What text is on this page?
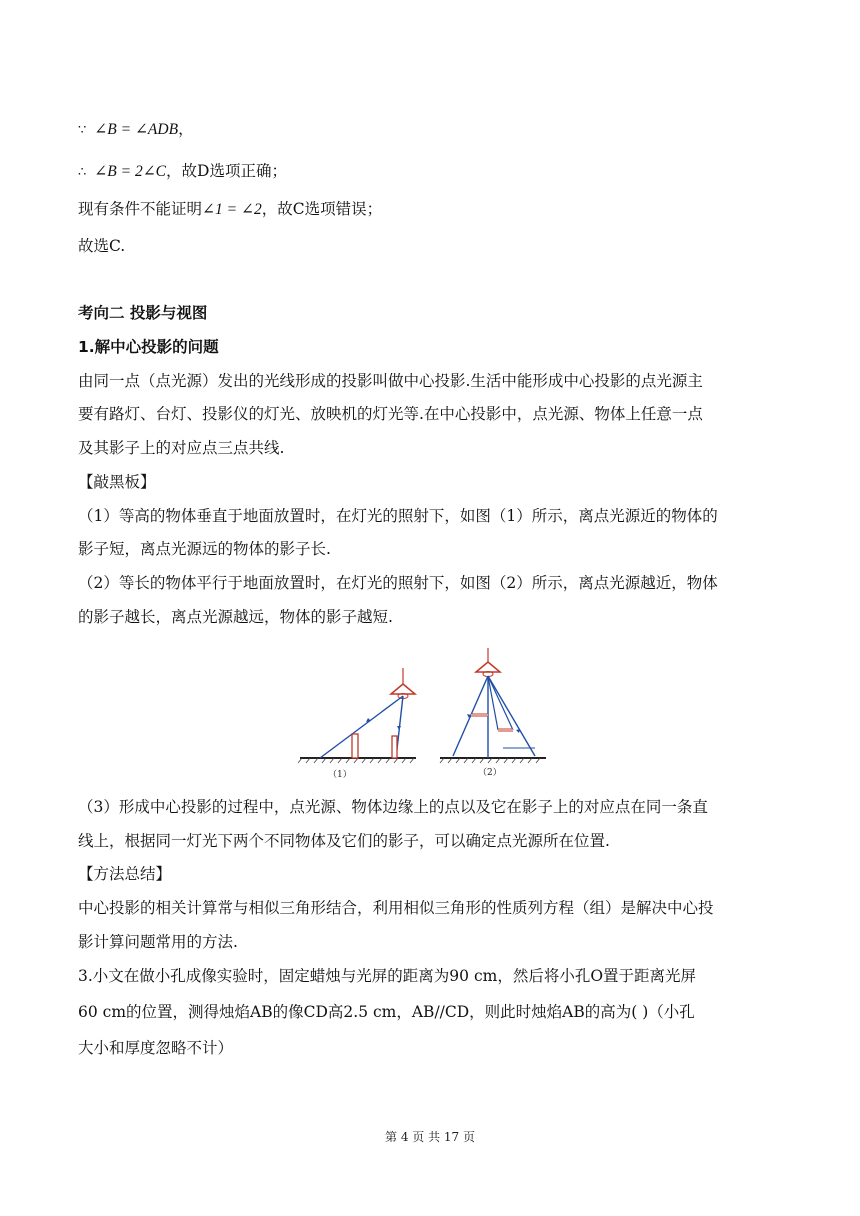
∵ ∠B = ∠ADB，
∴ ∠B = 2∠C，故D选项正确；
现有条件不能证明∠1 = ∠2，故C选项错误；
故选C.
考向二 投影与视图
1.解中心投影的问题
由同一点（点光源）发出的光线形成的投影叫做中心投影.生活中能形成中心投影的点光源主
要有路灯、台灯、投影仪的灯光、放映机的灯光等.在中心投影中，点光源、物体上任意一点
及其影子上的对应点三点共线.
【敲黑板】
（1）等高的物体垂直于地面放置时，在灯光的照射下，如图（1）所示，离点光源近的物体的
影子短，离点光源远的物体的影子长.
（2）等长的物体平行于地面放置时，在灯光的照射下，如图（2）所示，离点光源越近，物体
的影子越长，离点光源越远，物体的影子越短.
（1）	（2）
（3）形成中心投影的过程中，点光源、物体边缘上的点以及它在影子上的对应点在同一条直
线上，根据同一灯光下两个不同物体及它们的影子，可以确定点光源所在位置.
【方法总结】
中心投影的相关计算常与相似三角形结合，利用相似三角形的性质列方程（组）是解决中心投
影计算问题常用的方法.
3.小文在做小孔成像实验时，固定蜡烛与光屏的距离为90 cm，然后将小孔O置于距离光屏
60 cm的位置，测得烛焰AB的像CD高2.5 cm，AB//CD，则此时烛焰AB的高为( )（小孔
大小和厚度忽略不计）
第 4 页 共 17 页
